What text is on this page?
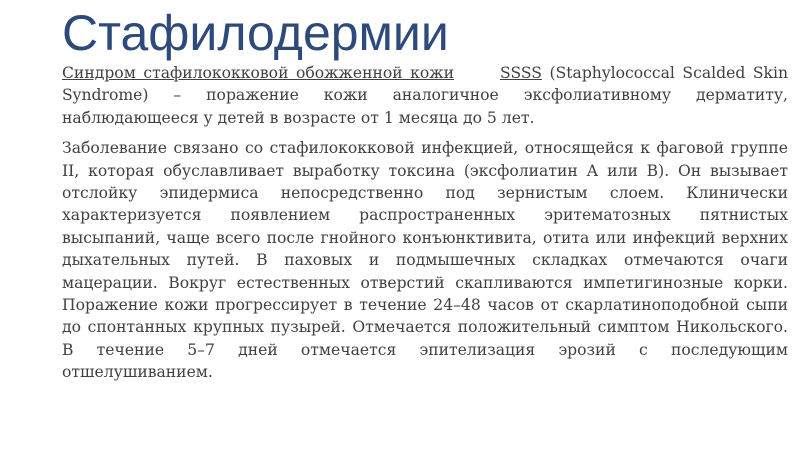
Стафилодермии

Синдром стафилококковой обожженной кожи	SSSS (Staphylococcal Scalded Skin Syndrome) – поражение кожи аналогичное эксфолиативному дерматиту, наблюдающееся у детей в возрасте от 1 месяца до 5 лет.

Заболевание связано со стафилококковой инфекцией, относящейся к фаговой группе II, которая обуславливает выработку токсина (эксфолиатин А или В). Он вызывает отслойку эпидермиса непосредственно под зернистым слоем. Клинически характеризуется появлением распространенных эритематозных пятнистых высыпаний, чаще всего после гнойного конъюнктивита, отита или инфекций верхних дыхательных путей. В паховых и подмышечных складках отмечаются очаги мацерации. Вокруг естественных отверстий скапливаются импетигинозные корки. Поражение кожи прогрессирует в течение 24–48 часов от скарлатиноподобной сыпи до спонтанных крупных пузырей. Отмечается положительный симптом Никольского. В течение 5–7 дней отмечается эпителизация эрозий с последующим отшелушиванием.
